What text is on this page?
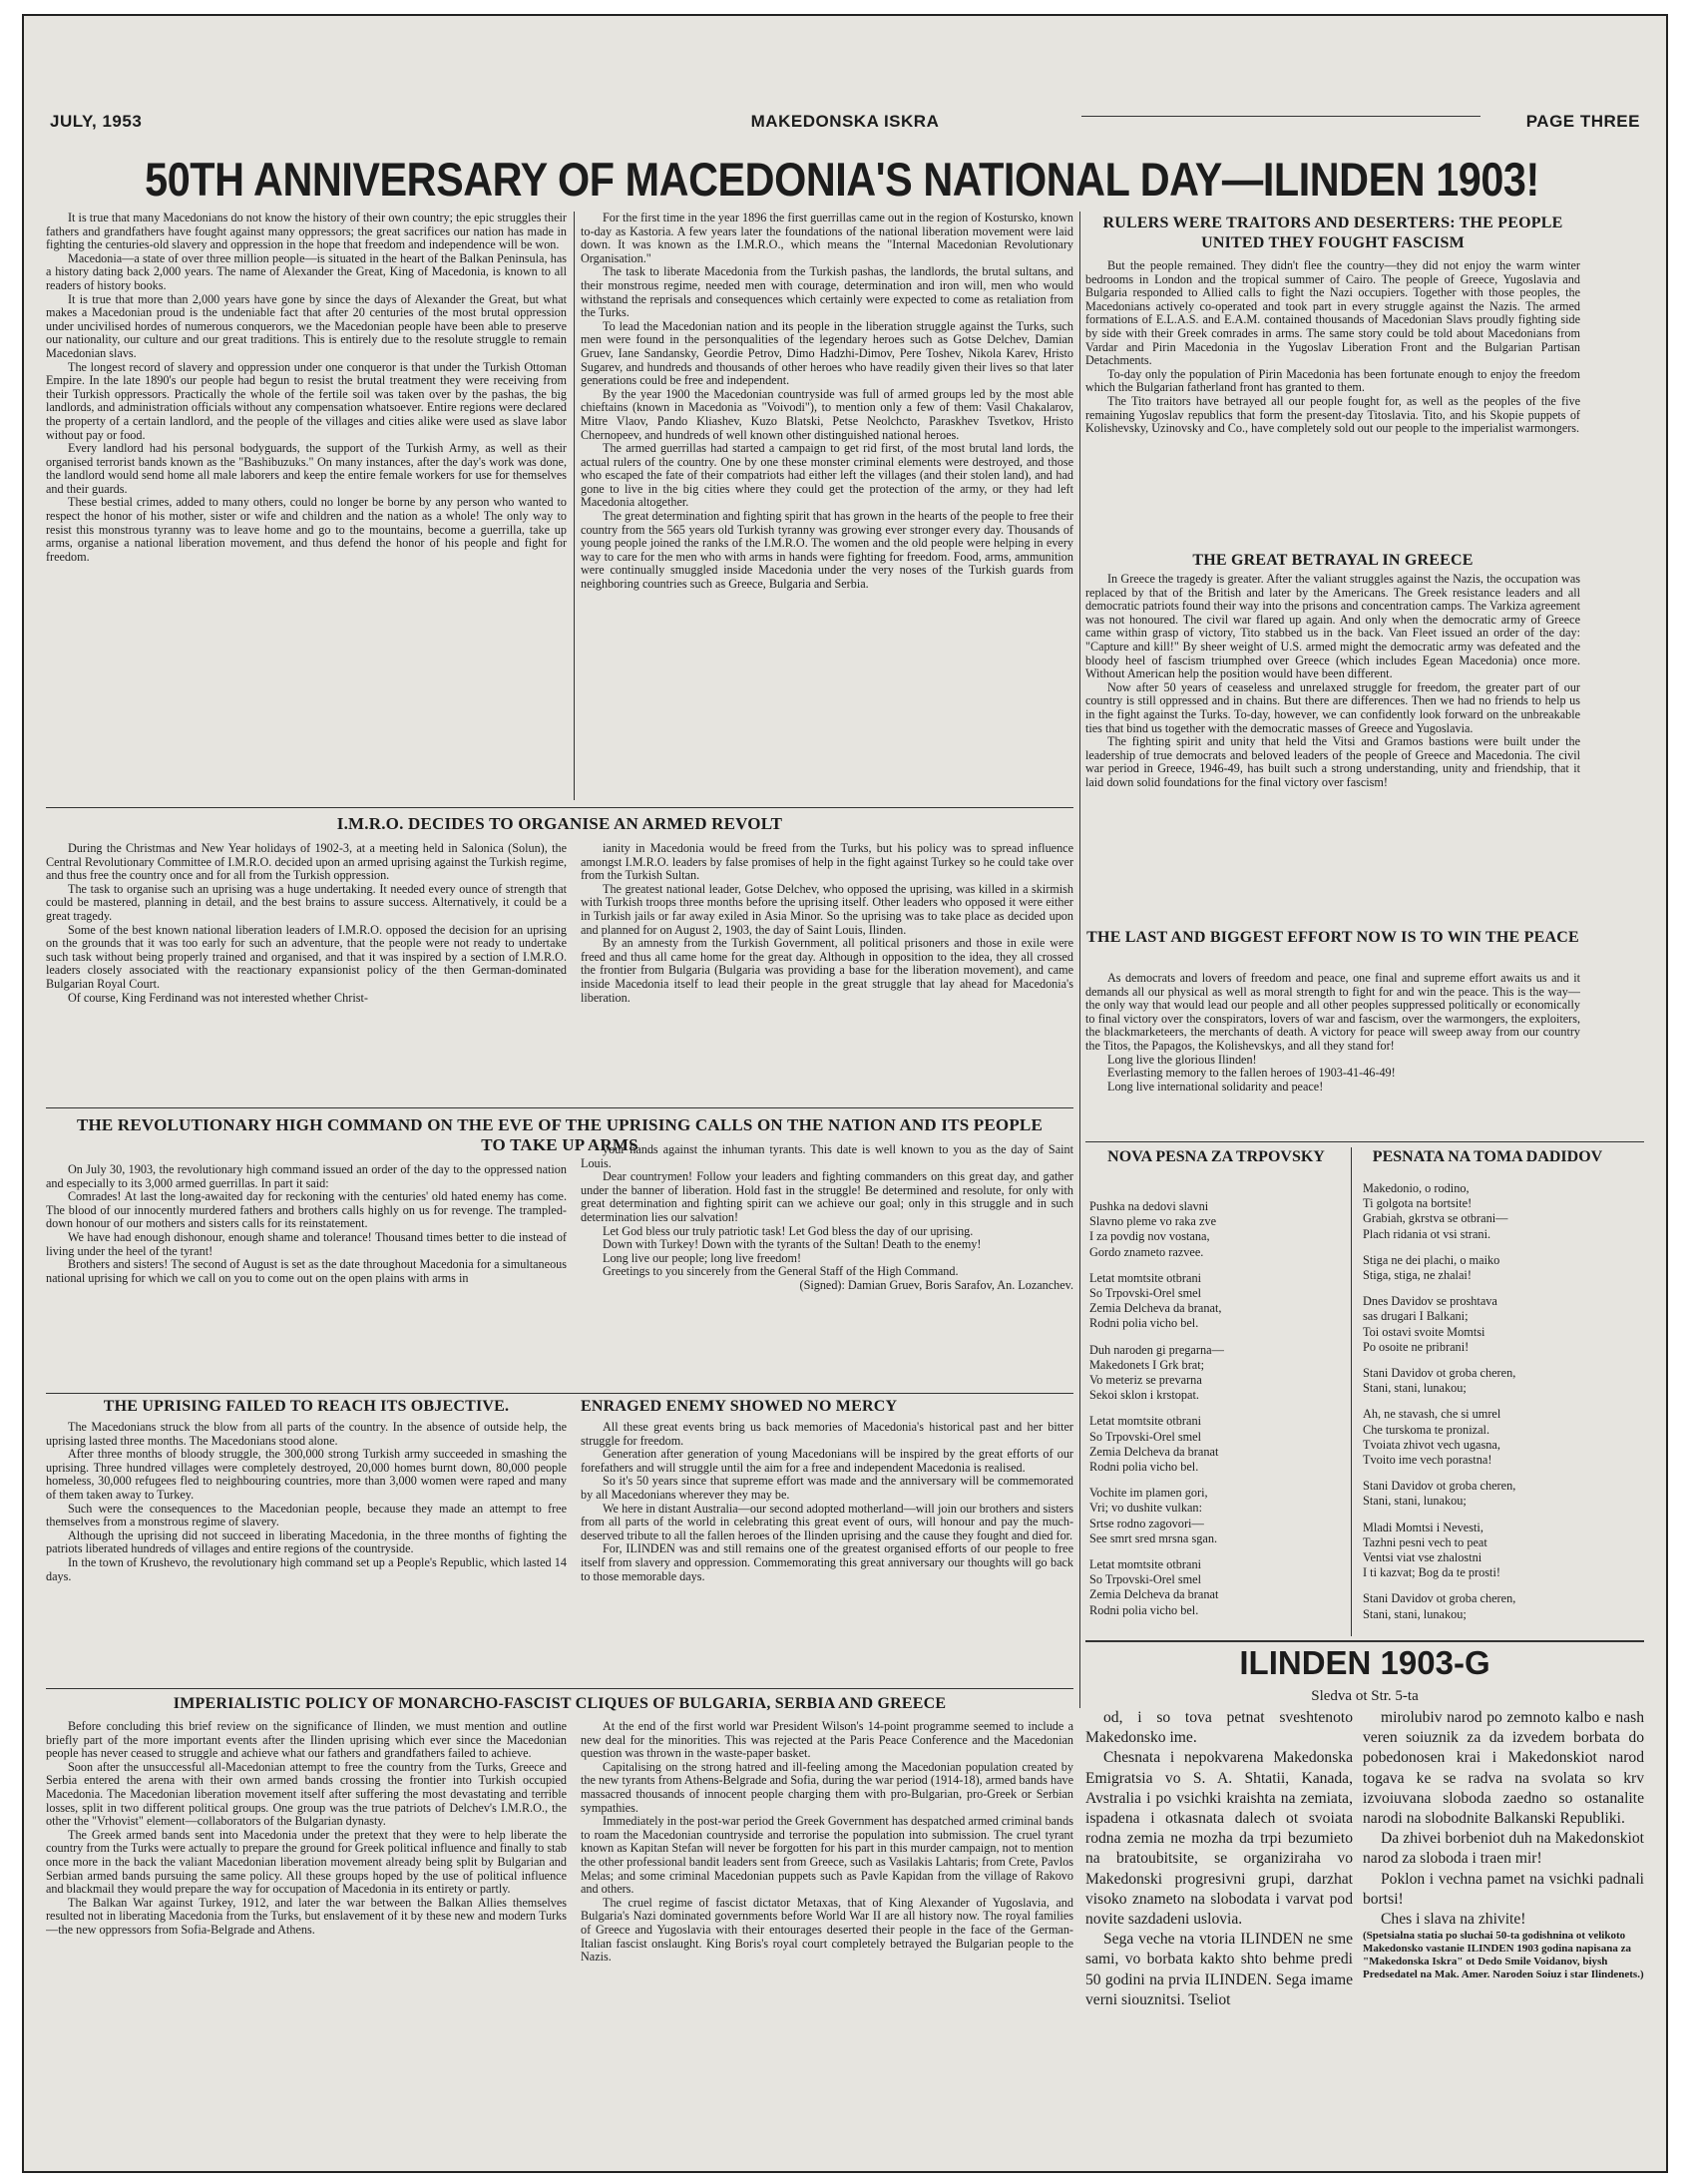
JULY, 1953	MAKEDONSKA ISKRA	PAGE THREE
50TH ANNIVERSARY OF MACEDONIA'S NATIONAL DAY—ILINDEN 1903!

It is true that many Macedonians do not know the history of their own country; the epic struggles their fathers and grandfathers have fought against many oppressors; the great sacrifices our nation has made in fighting the centuries-old slavery and oppression in the hope that freedom and independence will be won.

Macedonia—a state of over three million people—is situated in the heart of the Balkan Peninsula, has a history dating back 2,000 years. The name of Alexander the Great, King of Macedonia, is known to all readers of history books.

It is true that more than 2,000 years have gone by since the days of Alexander the Great, but what makes a Macedonian proud is the undeniable fact that after 20 centuries of the most brutal oppression under uncivilised hordes of numerous conquerors, we the Macedonian people have been able to preserve our nationality, our culture and our great traditions. This is entirely due to the resolute struggle to remain Macedonian slavs.

The longest record of slavery and oppression under one conqueror is that under the Turkish Ottoman Empire. In the late 1890's our people had begun to resist the brutal treatment they were receiving from their Turkish oppressors. Practically the whole of the fertile soil was taken over by the pashas, the big landlords, and administration officials without any compensation whatsoever. Entire regions were declared the property of a certain landlord, and the people of the villages and cities alike were used as slave labor without pay or food.

Every landlord had his personal bodyguards, the support of the Turkish Army, as well as their organised terrorist bands known as the "Bashibuzuks." On many instances, after the day's work was done, the landlord would send home all male laborers and keep the entire female workers for use for themselves and their guards.

These bestial crimes, added to many others, could no longer be borne by any person who wanted to respect the honor of his mother, sister or wife and children and the nation as a whole! The only way to resist this monstrous tyranny was to leave home and go to the mountains, become a guerrilla, take up arms, organise a national liberation movement, and thus defend the honor of his people and fight for freedom.

For the first time in the year 1896 the first guerrillas came out in the region of Kostursko, known to-day as Kastoria. A few years later the foundations of the national liberation movement were laid down. It was known as the I.M.R.O., which means the "Internal Macedonian Revolutionary Organisation."

The task to liberate Macedonia from the Turkish pashas, the landlords, the brutal sultans, and their monstrous regime, needed men with courage, determination and iron will, men who would withstand the reprisals and consequences which certainly were expected to come as retaliation from the Turks.

To lead the Macedonian nation and its people in the liberation struggle against the Turks, such men were found in the personqualities of the legendary heroes such as Gotse Delchev, Damian Gruev, Iane Sandansky, Geordie Petrov, Dimo Hadzhi-Dimov, Pere Toshev, Nikola Karev, Hristo Sugarev, and hundreds and thousands of other heroes who have readily given their lives so that later generations could be free and independent.

By the year 1900 the Macedonian countryside was full of armed groups led by the most able chieftains (known in Macedonia as "Voivodi"), to mention only a few of them: Vasil Chakalarov, Mitre Vlaov, Pando Kliashev, Kuzo Blatski, Petse Neolchcto, Paraskhev Tsvetkov, Hristo Chernopeev, and hundreds of well known other distinguished national heroes.

The armed guerrillas had started a campaign to get rid first, of the most brutal land lords, the actual rulers of the country. One by one these monster criminal elements were destroyed, and those who escaped the fate of their compatriots had either left the villages (and their stolen land), and had gone to live in the big cities where they could get the protection of the army, or they had left Macedonia altogether.

The great determination and fighting spirit that has grown in the hearts of the people to free their country from the 565 years old Turkish tyranny was growing ever stronger every day. Thousands of young people joined the ranks of the I.M.R.O. The women and the old people were helping in every way to care for the men who with arms in hands were fighting for freedom. Food, arms, ammunition were continually smuggled inside Macedonia under the very noses of the Turkish guards from neighboring countries such as Greece, Bulgaria and Serbia.

RULERS WERE TRAITORS AND DESERTERS: THE PEOPLE UNITED THEY FOUGHT FASCISM

But the people remained. They didn't flee the country—they did not enjoy the warm winter bedrooms in London and the tropical summer of Cairo. The people of Greece, Yugoslavia and Bulgaria responded to Allied calls to fight the Nazi occupiers. Together with those peoples, the Macedonians actively co-operated and took part in every struggle against the Nazis. The armed formations of E.L.A.S. and E.A.M. contained thousands of Macedonian Slavs proudly fighting side by side with their Greek comrades in arms. The same story could be told about Macedonians from Vardar and Pirin Macedonia in the Yugoslav Liberation Front and the Bulgarian Partisan Detachments.

To-day only the population of Pirin Macedonia has been fortunate enough to enjoy the freedom which the Bulgarian fatherland front has granted to them.

The Tito traitors have betrayed all our people fought for, as well as the peoples of the five remaining Yugoslav republics that form the present-day Titoslavia. Tito, and his Skopie puppets of Kolishevsky, Uzinovsky and Co., have completely sold out our people to the imperialist warmongers.

THE GREAT BETRAYAL IN GREECE

In Greece the tragedy is greater. After the valiant struggles against the Nazis, the occupation was replaced by that of the British and later by the Americans. The Greek resistance leaders and all democratic patriots found their way into the prisons and concentration camps. The Varkiza agreement was not honoured. The civil war flared up again. And only when the democratic army of Greece came within grasp of victory, Tito stabbed us in the back. Van Fleet issued an order of the day: "Capture and kill!" By sheer weight of U.S. armed might the democratic army was defeated and the bloody heel of fascism triumphed over Greece (which includes Egean Macedonia) once more. Without American help the position would have been different.

Now after 50 years of ceaseless and unrelaxed struggle for freedom, the greater part of our country is still oppressed and in chains. But there are differences. Then we had no friends to help us in the fight against the Turks. To-day, however, we can confidently look forward on the unbreakable ties that bind us together with the democratic masses of Greece and Yugoslavia.

The fighting spirit and unity that held the Vitsi and Gramos bastions were built under the leadership of true democrats and beloved leaders of the people of Greece and Macedonia. The civil war period in Greece, 1946-49, has built such a strong understanding, unity and friendship, that it laid down solid foundations for the final victory over fascism!

THE LAST AND BIGGEST EFFORT NOW IS TO WIN THE PEACE

As democrats and lovers of freedom and peace, one final and supreme effort awaits us and it demands all our physical as well as moral strength to fight for and win the peace. This is the way—the only way that would lead our people and all other peoples suppressed politically or economically to final victory over the conspirators, lovers of war and fascism, over the warmongers, the exploiters, the blackmarketeers, the merchants of death. A victory for peace will sweep away from our country the Titos, the Papagos, the Kolishevskys, and all they stand for!

Long live the glorious Ilinden!

Everlasting memory to the fallen heroes of 1903-41-46-49!

Long live international solidarity and peace!

I.M.R.O. DECIDES TO ORGANISE AN ARMED REVOLT

During the Christmas and New Year holidays of 1902-3, at a meeting held in Salonica (Solun), the Central Revolutionary Committee of I.M.R.O. decided upon an armed uprising against the Turkish regime, and thus free the country once and for all from the Turkish oppression.

The task to organise such an uprising was a huge undertaking. It needed every ounce of strength that could be mastered, planning in detail, and the best brains to assure success. Alternatively, it could be a great tragedy.

Some of the best known national liberation leaders of I.M.R.O. opposed the decision for an uprising on the grounds that it was too early for such an adventure, that the people were not ready to undertake such task without being properly trained and organised, and that it was inspired by a section of I.M.R.O. leaders closely associated with the reactionary expansionist policy of the then German-dominated Bulgarian Royal Court.

Of course, King Ferdinand was not interested whether Christ-

ianity in Macedonia would be freed from the Turks, but his policy was to spread influence amongst I.M.R.O. leaders by false promises of help in the fight against Turkey so he could take over from the Turkish Sultan.

The greatest national leader, Gotse Delchev, who opposed the uprising, was killed in a skirmish with Turkish troops three months before the uprising itself. Other leaders who opposed it were either in Turkish jails or far away exiled in Asia Minor. So the uprising was to take place as decided upon and planned for on August 2, 1903, the day of Saint Louis, Ilinden.

By an amnesty from the Turkish Government, all political prisoners and those in exile were freed and thus all came home for the great day. Although in opposition to the idea, they all crossed the frontier from Bulgaria (Bulgaria was providing a base for the liberation movement), and came inside Macedonia itself to lead their people in the great struggle that lay ahead for Macedonia's liberation.

THE REVOLUTIONARY HIGH COMMAND ON THE EVE OF THE UPRISING CALLS ON THE NATION AND ITS PEOPLE TO TAKE UP ARMS

On July 30, 1903, the revolutionary high command issued an order of the day to the oppressed nation and especially to its 3,000 armed guerrillas. In part it said:

Comrades! At last the long-awaited day for reckoning with the centuries' old hated enemy has come. The blood of our innocently murdered fathers and brothers calls highly on us for revenge. The trampled-down honour of our mothers and sisters calls for its reinstatement.

We have had enough dishonour, enough shame and tolerance! Thousand times better to die instead of living under the heel of the tyrant!

Brothers and sisters! The second of August is set as the date throughout Macedonia for a simultaneous national uprising for which we call on you to come out on the open plains with arms in

your hands against the inhuman tyrants. This date is well known to you as the day of Saint Louis.

Dear countrymen! Follow your leaders and fighting commanders on this great day, and gather under the banner of liberation. Hold fast in the struggle! Be determined and resolute, for only with great determination and fighting spirit can we achieve our goal; only in this struggle and in such determination lies our salvation!

Let God bless our truly patriotic task! Let God bless the day of our uprising.

Down with Turkey! Down with the tyrants of the Sultan! Death to the enemy!

Long live our people; long live freedom!

Greetings to you sincerely from the General Staff of the High Command.

(Signed): Damian Gruev, Boris Sarafov, An. Lozanchev.

THE UPRISING FAILED TO REACH ITS OBJECTIVE.

The Macedonians struck the blow from all parts of the country. In the absence of outside help, the uprising lasted three months. The Macedonians stood alone.

After three months of bloody struggle, the 300,000 strong Turkish army succeeded in smashing the uprising. Three hundred villages were completely destroyed, 20,000 homes burnt down, 80,000 people homeless, 30,000 refugees fled to neighbouring countries, more than 3,000 women were raped and many of them taken away to Turkey.

Such were the consequences to the Macedonian people, because they made an attempt to free themselves from a monstrous regime of slavery.

Although the uprising did not succeed in liberating Macedonia, in the three months of fighting the patriots liberated hundreds of villages and entire regions of the countryside.

In the town of Krushevo, the revolutionary high command set up a People's Republic, which lasted 14 days.

ENRAGED ENEMY SHOWED NO MERCY

All these great events bring us back memories of Macedonia's historical past and her bitter struggle for freedom.

Generation after generation of young Macedonians will be inspired by the great efforts of our forefathers and will struggle until the aim for a free and independent Macedonia is realised.

So it's 50 years since that supreme effort was made and the anniversary will be commemorated by all Macedonians wherever they may be.

We here in distant Australia—our second adopted motherland—will join our brothers and sisters from all parts of the world in celebrating this great event of ours, will honour and pay the much-deserved tribute to all the fallen heroes of the Ilinden uprising and the cause they fought and died for.

For, ILINDEN was and still remains one of the greatest organised efforts of our people to free itself from slavery and oppression. Commemorating this great anniversary our thoughts will go back to those memorable days.

IMPERIALISTIC POLICY OF MONARCHO-FASCIST CLIQUES OF BULGARIA, SERBIA AND GREECE

Before concluding this brief review on the significance of Ilinden, we must mention and outline briefly part of the more important events after the Ilinden uprising which ever since the Macedonian people has never ceased to struggle and achieve what our fathers and grandfathers failed to achieve.

Soon after the unsuccessful all-Macedonian attempt to free the country from the Turks, Greece and Serbia entered the arena with their own armed bands crossing the frontier into Turkish occupied Macedonia. The Macedonian liberation movement itself after suffering the most devastating and terrible losses, split in two different political groups. One group was the true patriots of Delchev's I.M.R.O., the other the "Vrhovist" element—collaborators of the Bulgarian dynasty.

The Greek armed bands sent into Macedonia under the pretext that they were to help liberate the country from the Turks were actually to prepare the ground for Greek political influence and finally to stab once more in the back the valiant Macedonian liberation movement already being split by Bulgarian and Serbian armed bands pursuing the same policy. All these groups hoped by the use of political influence and blackmail they would prepare the way for occupation of Macedonia in its entirety or partly.

The Balkan War against Turkey, 1912, and later the war between the Balkan Allies themselves resulted not in liberating Macedonia from the Turks, but enslavement of it by these new and modern Turks—the new oppressors from Sofia-Belgrade and Athens.

At the end of the first world war President Wilson's 14-point programme seemed to include a new deal for the minorities. This was rejected at the Paris Peace Conference and the Macedonian question was thrown in the waste-paper basket.

Capitalising on the strong hatred and ill-feeling among the Macedonian population created by the new tyrants from Athens-Belgrade and Sofia, during the war period (1914-18), armed bands have massacred thousands of innocent people charging them with pro-Bulgarian, pro-Greek or Serbian sympathies.

Immediately in the post-war period the Greek Government has despatched armed criminal bands to roam the Macedonian countryside and terrorise the population into submission. The cruel tyrant known as Kapitan Stefan will never be forgotten for his part in this murder campaign, not to mention the other professional bandit leaders sent from Greece, such as Vasilakis Lahtaris; from Crete, Pavlos Melas; and some criminal Macedonian puppets such as Pavle Kapidan from the village of Rakovo and others.

The cruel regime of fascist dictator Metaxas, that of King Alexander of Yugoslavia, and Bulgaria's Nazi dominated governments before World War II are all history now. The royal families of Greece and Yugoslavia with their entourages deserted their people in the face of the German-Italian fascist onslaught. King Boris's royal court completely betrayed the Bulgarian people to the Nazis.

NOVA PESNA ZA TRPOVSKY	PESNATA NA TOMA DADIDOV
Pushka na dedovi slavni
Slavno pleme vo raka zve
I za povdig nov vostana,
Gordo znameto razvee.
Letat momtsite otbrani
So Trpovski-Orel smel
Zemia Delcheva da branat,
Rodni polia vicho bel.
Duh naroden gi pregarna—
Makedonets I Grk brat;
Vo meteriz se prevarna
Sekoi sklon i krstopat.
Letat momtsite otbrani
So Trpovski-Orel smel
Zemia Delcheva da branat
Rodni polia vicho bel.
Vochite im plamen gori,
Vri; vo dushite vulkan:
Srtse rodno zagovori—
See smrt sred mrsna sgan.
Letat momtsite otbrani
So Trpovski-Orel smel
Zemia Delcheva da branat
Rodni polia vicho bel.
Makedonio, o rodino,
Ti golgota na bortsite!
Grabiah, gkrstva se otbrani—
Plach ridania ot vsi strani.
Stiga ne dei plachi, o maiko
Stiga, stiga, ne zhalai!
Dnes Davidov se proshtava
sas drugari I Balkani;
Toi ostavi svoite Momtsi
Po osoite ne pribrani!
Stani Davidov ot groba cheren,
Stani, stani, lunakou;
Ah, ne stavash, che si umrel
Che turskoma te pronizal.
Tvoiata zhivot vech ugasna,
Tvoito ime vech porastna!
Stani Davidov ot groba cheren,
Stani, stani, lunakou;
Mladi Momtsi i Nevesti,
Tazhni pesni vech to peat
Ventsi viat vse zhalostni
I ti kazvat; Bog da te prosti!
Stani Davidov ot groba cheren,
Stani, stani, lunakou;
ILINDEN 1903-G
Sledva ot Str. 5-ta

od, i so tova petnat sveshtenoto Makedonsko ime.

Chesnata i nepokvarena Makedonska Emigratsia vo S. A. Shtatii, Kanada, Avstralia i po vsichki kraishta na zemiata, ispadena i otkasnata dalech ot svoiata rodna zemia ne mozha da trpi bezumieto na bratoubitsite, se organiziraha vo Makedonski progresivni grupi, darzhat visoko znameto na slobodata i varvat pod novite sazdadeni uslovia.

Sega veche na vtoria ILINDEN ne sme sami, vo borbata kakto shto behme predi 50 godini na prvia ILINDEN. Sega imame verni siouznitsi. Tseliot

mirolubiv narod po zemnoto kalbo e nash veren soiuznik za da izvedem borbata do pobedonosen krai i Makedonskiot narod togava ke se radva na svolata so krv izvoiuvana sloboda zaedno so ostanalite narodi na slobodnite Balkanski Republiki.

Da zhivei borbeniot duh na Makedonskiot narod za sloboda i traen mir!

Poklon i vechna pamet na vsichki padnali bortsi!

Ches i slava na zhivite!

(Spetsialna statia po sluchai 50-ta godishnina ot velikoto Makedonsko vastanie ILINDEN 1903 godina napisana za "Makedonska Iskra" ot Dedo Smile Voidanov, biysh Predsedatel na Mak. Amer. Naroden Soiuz i star Ilindenets.)
